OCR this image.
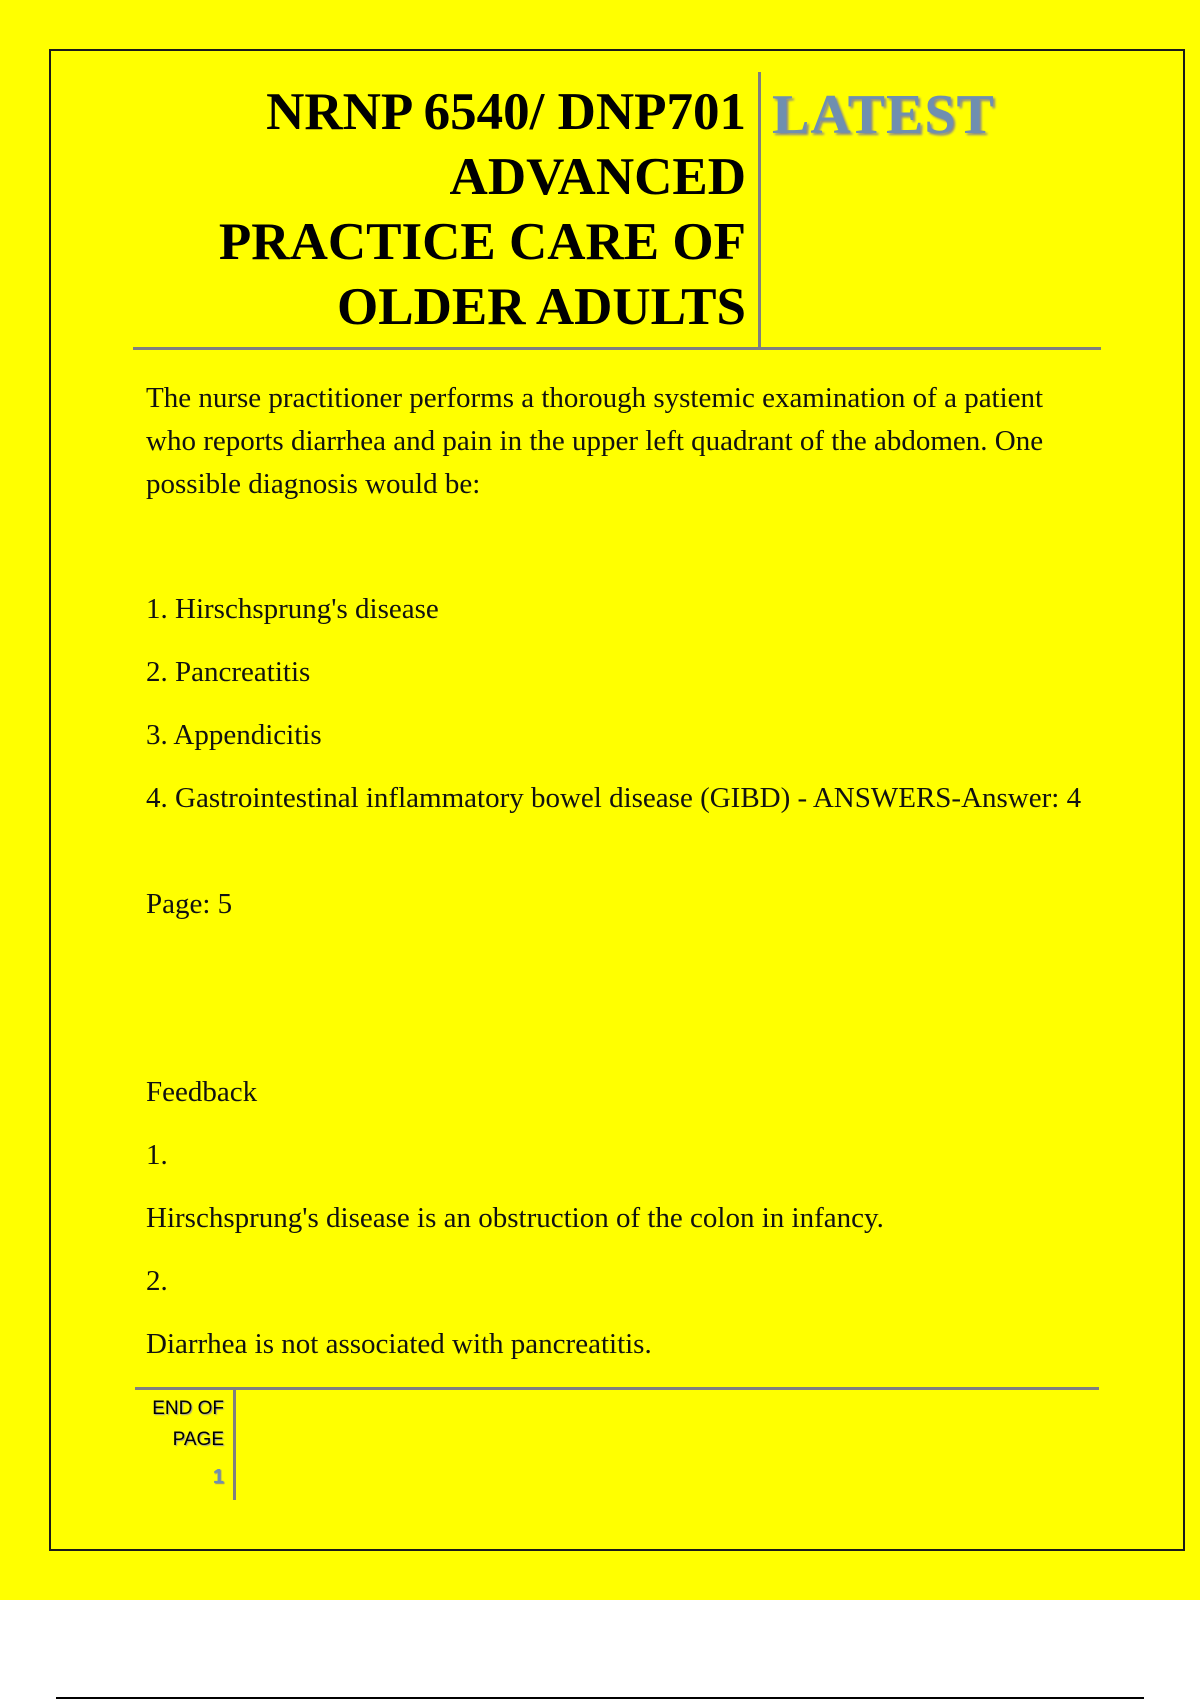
NRNP 6540/ DNP701
ADVANCED
PRACTICE CARE OF
OLDER ADULTS
LATEST

The nurse practitioner performs a thorough systemic examination of a patient who reports diarrhea and pain in the upper left quadrant of the abdomen. One possible diagnosis would be:

1. Hirschsprung's disease

2. Pancreatitis

3. Appendicitis

4. Gastrointestinal inflammatory bowel disease (GIBD) - ANSWERS-Answer: 4

Page: 5

Feedback

1.

Hirschsprung's disease is an obstruction of the colon in infancy.

2.

Diarrhea is not associated with pancreatitis.

END OF
PAGE
1
